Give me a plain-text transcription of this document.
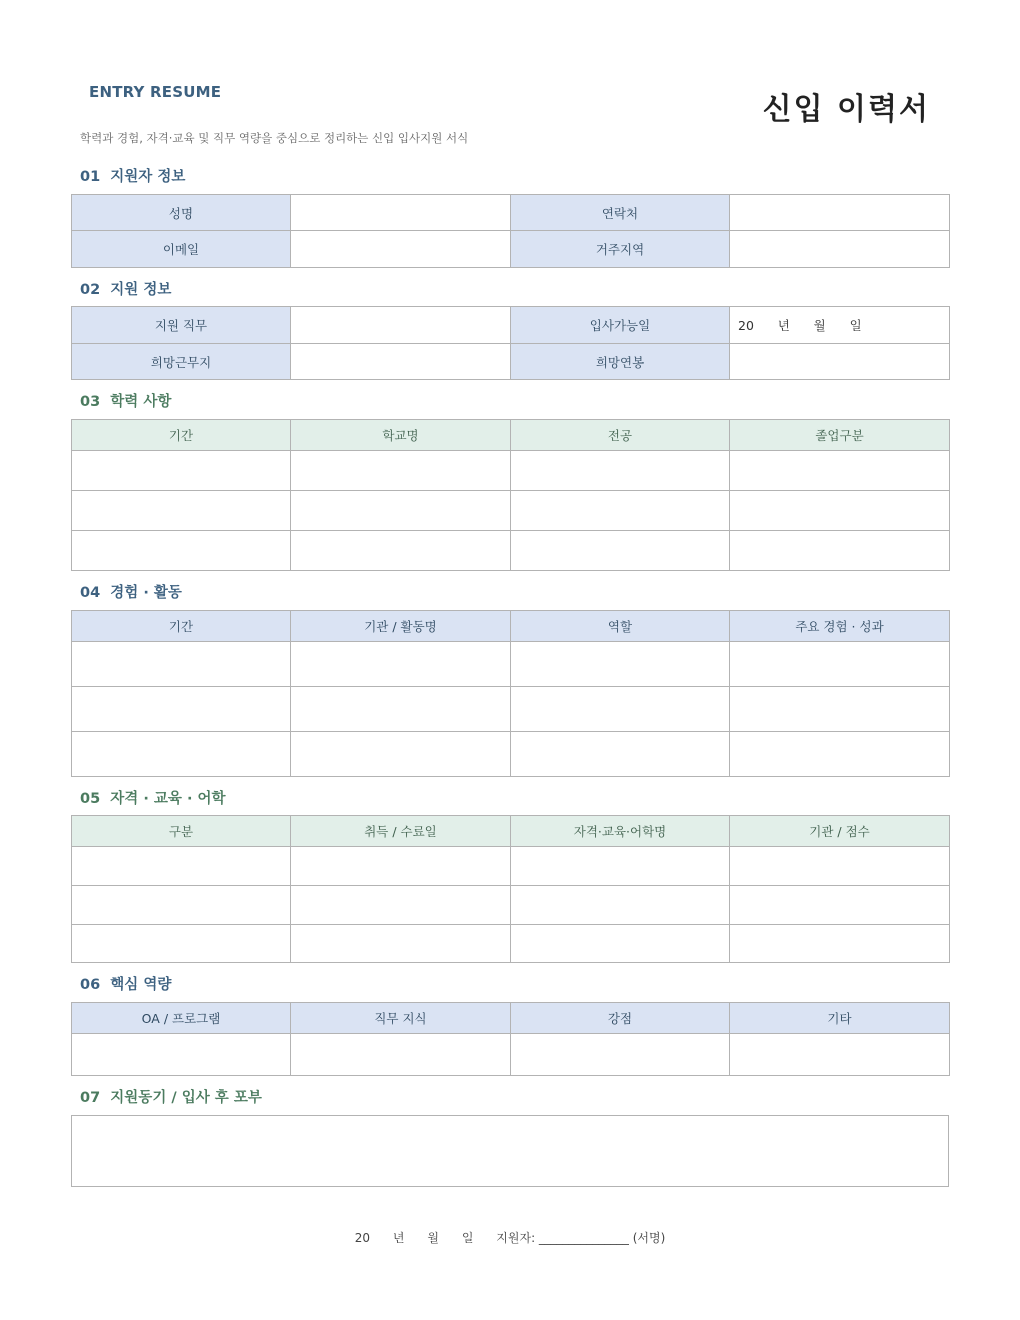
ENTRY RESUME	신입 이력서
학력과 경험, 자격·교육 및 직무 역량을 중심으로 정리하는 신입 입사지원 서식
01 지원자 정보
성명		연락처	
이메일		거주지역	
02 지원 정보
지원 직무		입사가능일	20      년      월      일
희망근무지		희망연봉	
03 학력 사항
기간	학교명	전공	졸업구분

04 경험 · 활동
기간	기관 / 활동명	역할	주요 경험 · 성과

05 자격 · 교육 · 어학
구분	취득 / 수료일	자격·교육·어학명	기관 / 점수

06 핵심 역량
OA / 프로그램	직무 지식	강점	기타

07 지원동기 / 입사 후 포부
20      년      월      일      지원자: _______________ (서명)
